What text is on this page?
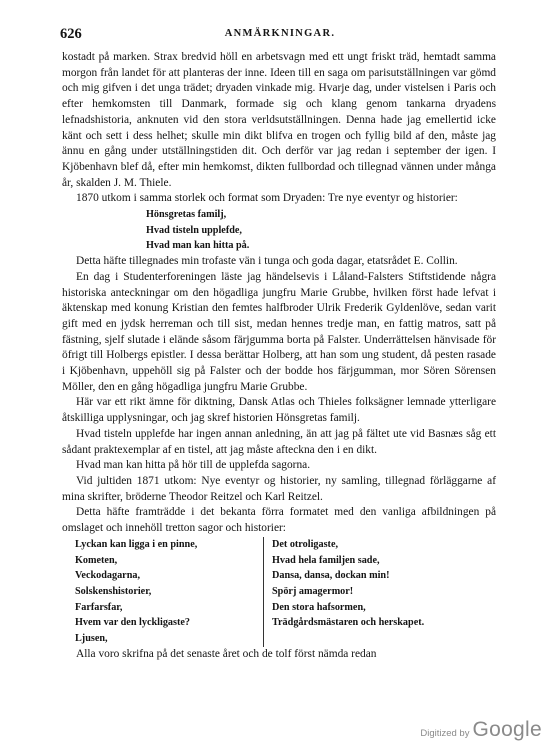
626	ANMÄRKNINGAR.

kostadt på marken. Strax bredvid höll en arbetsvagn med ett ungt friskt träd, hemtadt samma morgon från landet för att planteras der inne. Ideen till en saga om parisutställningen var gömd och mig gifven i det unga trädet; dryaden vinkade mig. Hvarje dag, under vistelsen i Paris och efter hemkomsten till Danmark, formade sig och klang genom tankarna dryadens lefnadshistoria, anknuten vid den stora verldsutställningen. Denna hade jag emellertid icke känt och sett i dess helhet; skulle min dikt blifva en trogen och fyllig bild af den, måste jag ännu en gång under utställningstiden dit. Och derför var jag redan i september der igen. I Kjöbenhavn blef då, efter min hemkomst, dikten fullbordad och tillegnad vännen under många år, skalden J. M. Thiele.

1870 utkom i samma storlek och format som Dryaden: Tre nye eventyr og historier:

Hönsgretas familj,
Hvad tisteln upplefde,
Hvad man kan hitta på.

Detta häfte tillegnades min trofaste vän i tunga och goda dagar, etatsrådet E. Collin.

En dag i Studenterforeningen läste jag händelsevis i Låland-Falsters Stiftstidende några historiska anteckningar om den högadliga jungfru Marie Grubbe, hvilken först hade lefvat i äktenskap med konung Kristian den femtes halfbroder Ulrik Frederik Gyldenlöve, sedan varit gift med en jydsk herreman och till sist, medan hennes tredje man, en fattig matros, satt på fästning, sjelf slutade i elände såsom färjgumma borta på Falster. Underrättelsen hänvisade för öfrigt till Holbergs epistler. I dessa berättar Holberg, att han som ung student, då pesten rasade i Kjöbenhavn, uppehöll sig på Falster och der bodde hos färjgumman, mor Sören Sörensen Möller, den en gång högadliga jungfru Marie Grubbe.

Här var ett rikt ämne för diktning, Dansk Atlas och Thieles folksägner lemnade ytterligare åtskilliga upplysningar, och jag skref historien Hönsgretas familj.

Hvad tisteln upplefde har ingen annan anledning, än att jag på fältet ute vid Basnæs såg ett sådant praktexemplar af en tistel, att jag måste afteckna den i en dikt.

Hvad man kan hitta på hör till de upplefda sagorna.

Vid jultiden 1871 utkom: Nye eventyr og historier, ny samling, tillegnad förläggarne af mina skrifter, bröderne Theodor Reitzel och Karl Reitzel.

Detta häfte framträdde i det bekanta förra formatet med den vanliga afbildningen på omslaget och innehöll tretton sagor och historier:

Lyckan kan ligga i en pinne,
Kometen,
Veckodagarna,
Solskenshistorier,
Farfarsfar,
Hvem var den lyckligaste?
Ljusen,
Det otroligaste,
Hvad hela familjen sade,
Dansa, dansa, dockan min!
Spörj amagermor!
Den stora hafsormen,
Trädgårdsmästaren och herskapet.

Alla voro skrifna på det senaste året och de tolf först nämda redan

Digitized by Google
